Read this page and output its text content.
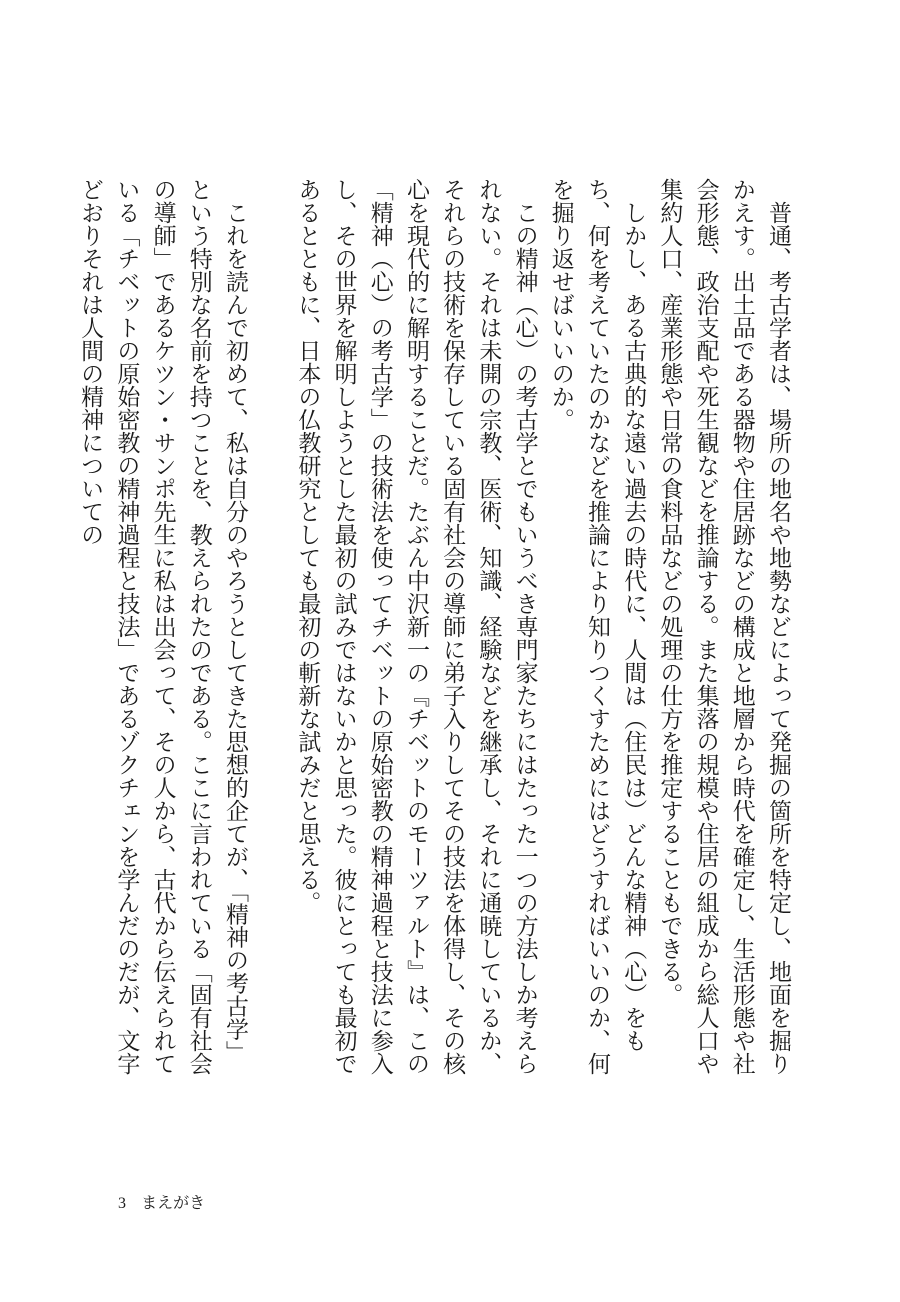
普通、考古学者は、場所の地名や地勢などによって発掘の箇所を特定し、地面を掘りかえす。出土品である器物や住居跡などの構成と地層から時代を確定し、生活形態や社会形態、政治支配や死生観などを推論する。また集落の規模や住居の組成から総人口や集約人口、産業形態や日常の食料品などの処理の仕方を推定することもできる。

しかし、ある古典的な遠い過去の時代に、人間は（住民は）どんな精神（心）をもち、何を考えていたのかなどを推論により知りつくすためにはどうすればいいのか、何を掘り返せばいいのか。

この精神（心）の考古学とでもいうべき専門家たちにはたった一つの方法しか考えられない。それは未開の宗教、医術、知識、経験などを継承し、それに通暁しているか、それらの技術を保存している固有社会の導師に弟子入りしてその技法を体得し、その核心を現代的に解明することだ。たぶん中沢新一の『チベットのモーツァルト』は、この「精神（心）の考古学」の技術法を使ってチベットの原始密教の精神過程と技法に参入し、その世界を解明しようとした最初の試みではないかと思った。彼にとっても最初であるとともに、日本の仏教研究としても最初の斬新な試みだと思える。

これを読んで初めて、私は自分のやろうとしてきた思想的企てが、「精神の考古学」という特別な名前を持つことを、教えられたのである。ここに言われている「固有社会の導師」であるケツン・サンポ先生に私は出会って、その人から、古代から伝えられている「チベットの原始密教の精神過程と技法」であるゾクチェンを学んだのだが、文字どおりそれは人間の精神についての

3 まえがき
